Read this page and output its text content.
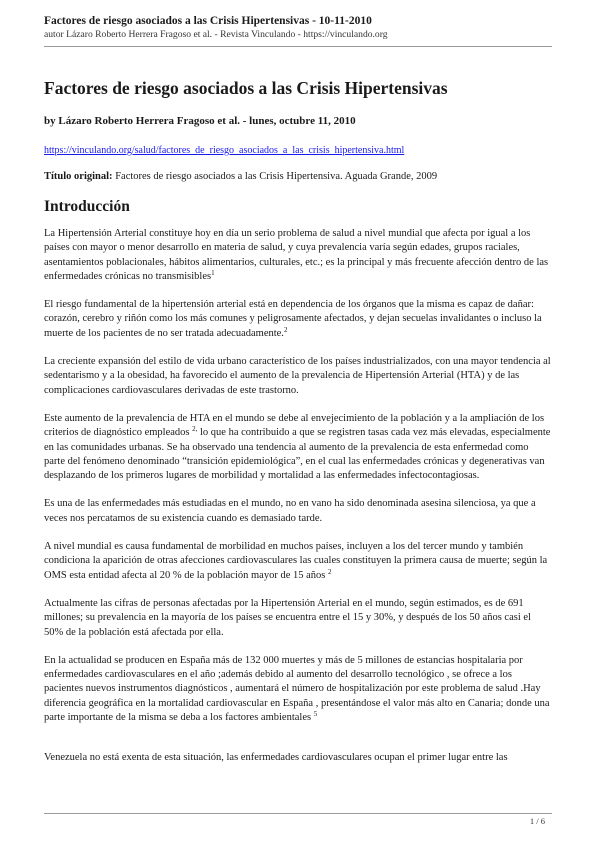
Factores de riesgo asociados a las Crisis Hipertensivas - 10-11-2010
autor Lázaro Roberto Herrera Fragoso et al. - Revista Vinculando - https://vinculando.org
Factores de riesgo asociados a las Crisis Hipertensivas

by Lázaro Roberto Herrera Fragoso et al. - lunes, octubre 11, 2010

https://vinculando.org/salud/factores_de_riesgo_asociados_a_las_crisis_hipertensiva.html

Título original: Factores de riesgo asociados a las Crisis Hipertensiva. Aguada Grande, 2009

Introducción

La Hipertensión Arterial constituye hoy en día un serio problema de salud a nivel mundial que afecta por igual a los países con mayor o menor desarrollo en materia de salud, y cuya prevalencia varía según edades, grupos raciales, asentamientos poblacionales, hábitos alimentarios, culturales, etc.; es la principal y más frecuente afección dentro de las enfermedades crónicas no transmisibles$^1$

El riesgo fundamental de la hipertensión arterial está en dependencia de los órganos que la misma es capaz de dañar: corazón, cerebro y riñón como los más comunes y peligrosamente afectados, y dejan secuelas invalidantes o incluso la muerte de los pacientes de no ser tratada adecuadamente.$^2$

La creciente expansión del estilo de vida urbano característico de los países industrializados, con una mayor tendencia al sedentarismo y a la obesidad, ha favorecido el aumento de la prevalencia de Hipertensión Arterial (HTA) y de las complicaciones cardiovasculares derivadas de este trastorno.

Este aumento de la prevalencia de HTA en el mundo se debe al envejecimiento de la población y a la ampliación de los criterios de diagnóstico empleados $^{2,}$ lo que ha contribuido a que se registren tasas cada vez más elevadas, especialmente en las comunidades urbanas. Se ha observado una tendencia al aumento de la prevalencia de esta enfermedad como parte del fenómeno denominado “transición epidemiológica”, en el cual las enfermedades crónicas y degenerativas van desplazando de los primeros lugares de morbilidad y mortalidad a las enfermedades infectocontagiosas.

Es una de las enfermedades más estudiadas en el mundo, no en vano ha sido denominada asesina silenciosa, ya que a veces nos percatamos de su existencia cuando es demasiado tarde.

A nivel mundial es causa fundamental de morbilidad en muchos países, incluyen a los del tercer mundo y también condiciona la aparición de otras afecciones cardiovasculares las cuales constituyen la primera causa de muerte; según la OMS esta entidad afecta al 20 % de la población mayor de 15 años $^2$

Actualmente las cifras de personas afectadas por la Hipertensión Arterial en el mundo, según estimados, es de 691 millones; su prevalencia en la mayoría de los países se encuentra entre el 15 y 30%, y después de los 50 años casi el 50% de la población está afectada por ella.

En la actualidad se producen en España más de 132 000 muertes y más de 5 millones de estancias hospitalaria por enfermedades cardiovasculares en el año ;además debido al aumento del desarrollo tecnológico , se ofrece a los pacientes nuevos instrumentos diagnósticos , aumentará el número de hospitalización por este problema de salud .Hay diferencia geográfica en la mortalidad cardiovascular en España , presentándose el valor más alto en Canaria; donde una parte importante de la misma se deba a los factores ambientales $^5$

Venezuela no está exenta de esta situación, las enfermedades cardiovasculares ocupan el primer lugar entre las

1 / 6
